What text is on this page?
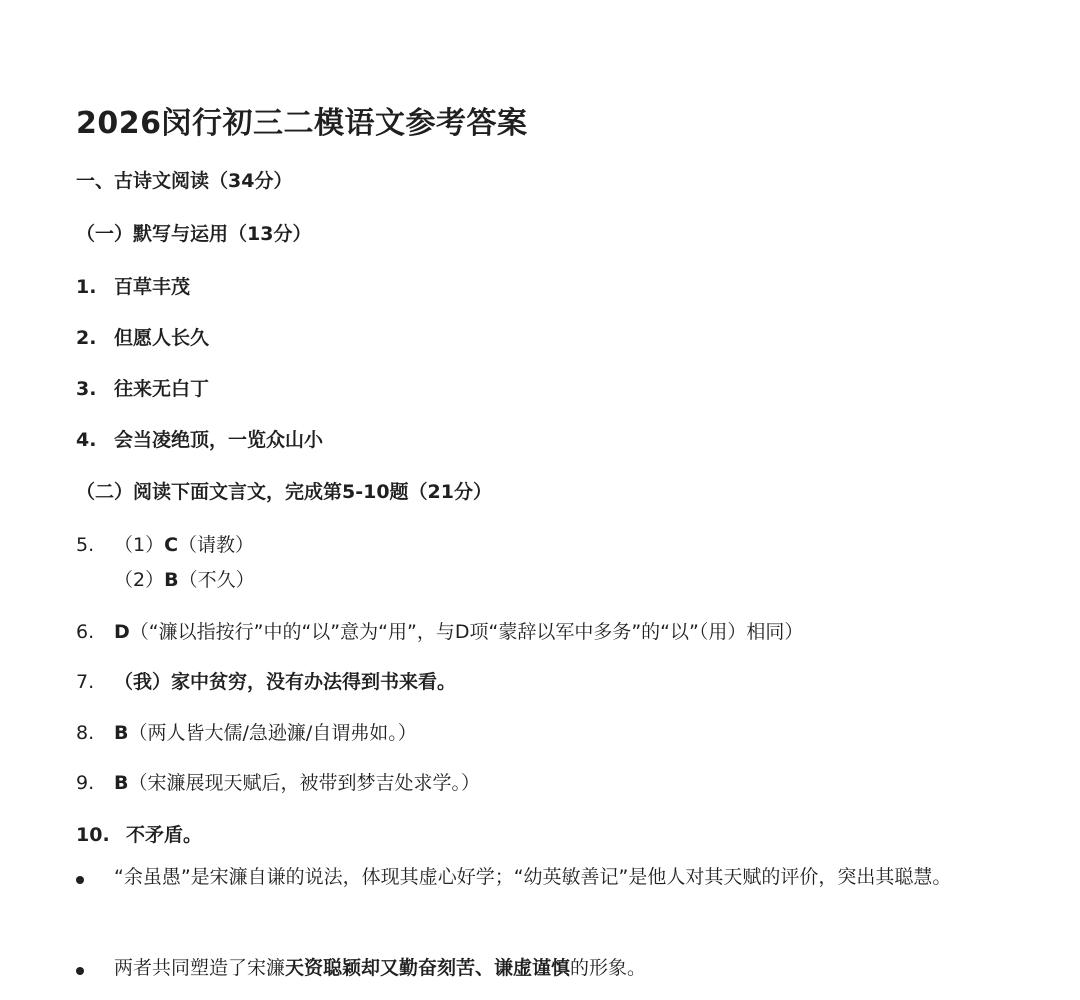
2026闵行初三二模语文参考答案
一、古诗文阅读（34分）
（一）默写与运用（13分）
1. 百草丰茂
2. 但愿人长久
3. 往来无白丁
4. 会当凌绝顶，一览众山小
（二）阅读下面文言文，完成第5-10题（21分）
5. （1）C（请教）
（2）B（不久）
6. D（“濂以指按行”中的“以”意为“用”，与D项“蒙辞以军中多务”的“以”（用）相同）
7. （我）家中贫穷，没有办法得到书来看。
8. B（两人皆大儒/急逊濂/自谓弗如。）
9. B（宋濂展现天赋后，被带到梦吉处求学。）
10. 不矛盾。
“余虽愚”是宋濂自谦的说法，体现其虚心好学；“幼英敏善记”是他人对其天赋的评价，突出其聪慧。
两者共同塑造了宋濂天资聪颖却又勤奋刻苦、谦虚谨慎的形象。
